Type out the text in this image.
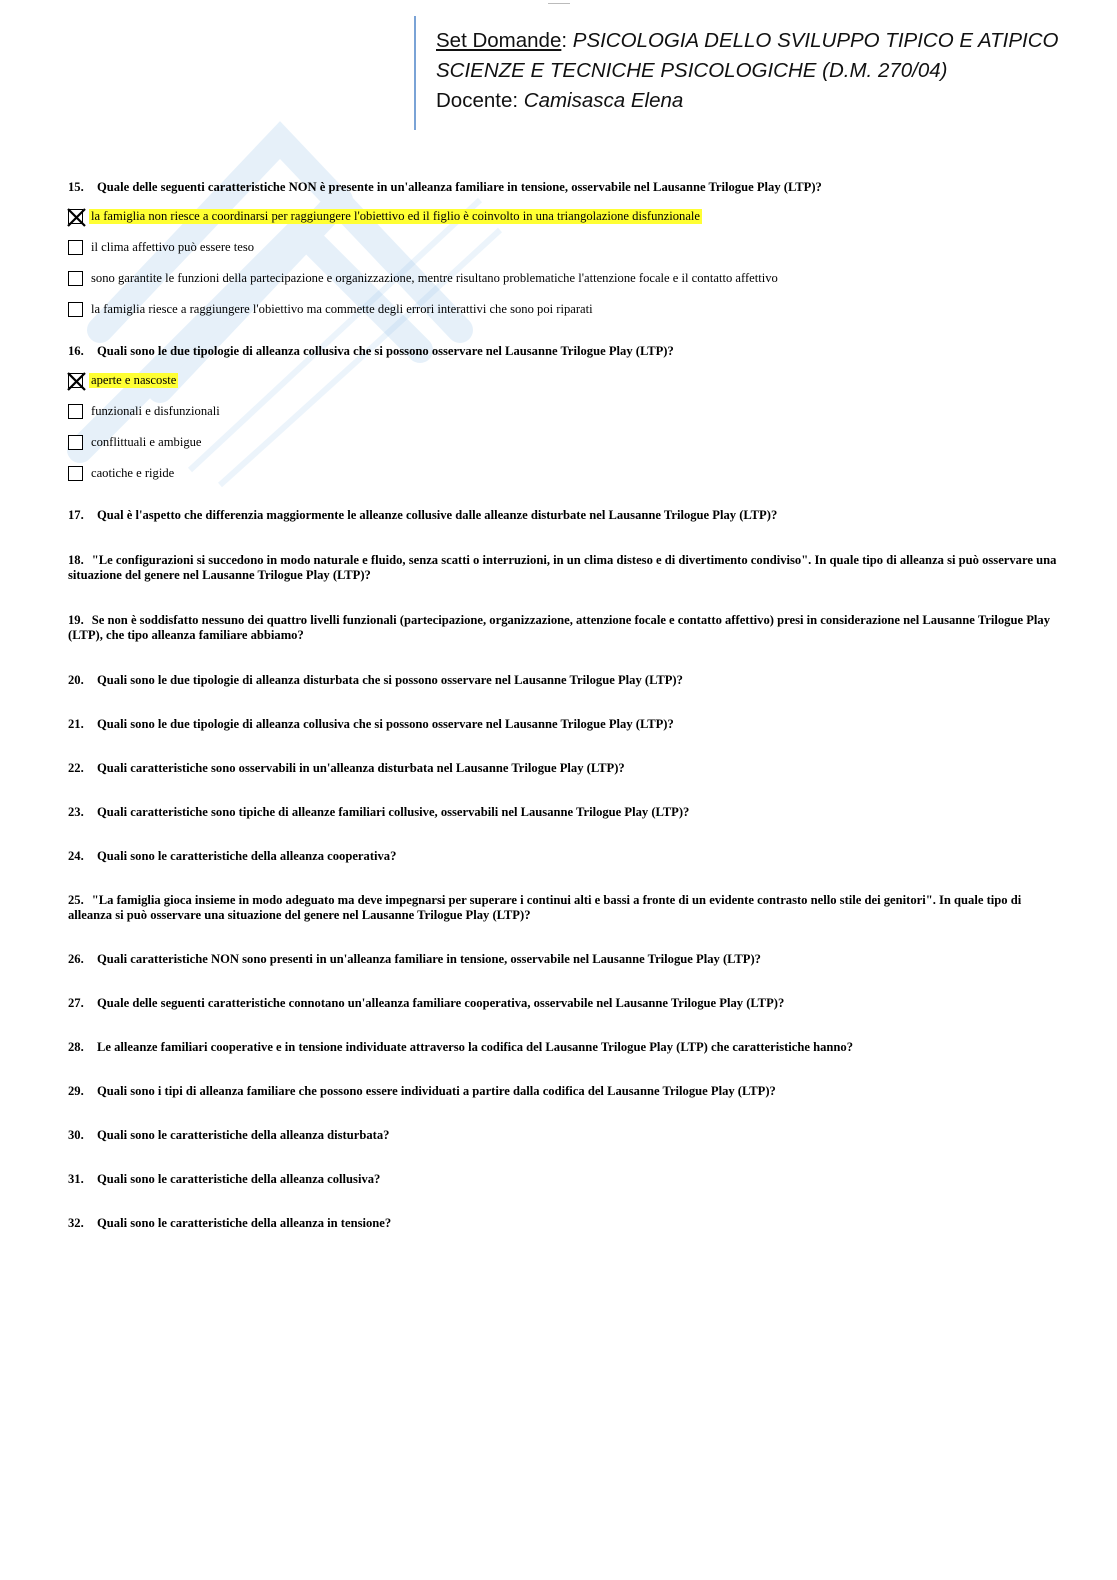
Set Domande: PSICOLOGIA DELLO SVILUPPO TIPICO E ATIPICO
SCIENZE E TECNICHE PSICOLOGICHE (D.M. 270/04)
Docente: Camisasca Elena
15.	Quale delle seguenti caratteristiche NON è presente in un'alleanza familiare in tensione, osservabile nel Lausanne Trilogue Play (LTP)?
la famiglia non riesce a coordinarsi per raggiungere l'obiettivo ed il figlio è coinvolto in una triangolazione disfunzionale
il clima affettivo può essere teso
sono garantite le funzioni della partecipazione e organizzazione, mentre risultano problematiche l'attenzione focale e il contatto affettivo
la famiglia riesce a raggiungere l'obiettivo ma commette degli errori interattivi che sono poi riparati
16.	Quali sono le due tipologie di alleanza collusiva che si possono osservare nel Lausanne Trilogue Play (LTP)?
aperte e nascoste
funzionali e disfunzionali
conflittuali e ambigue
caotiche e rigide
17.	Qual è l'aspetto che differenzia maggiormente le alleanze collusive dalle alleanze disturbate nel Lausanne Trilogue Play (LTP)?
18. "Le configurazioni si succedono in modo naturale e fluido, senza scatti o interruzioni, in un clima disteso e di divertimento condiviso". In quale tipo di alleanza si può osservare una situazione del genere nel Lausanne Trilogue Play (LTP)?
19. Se non è soddisfatto nessuno dei quattro livelli funzionali (partecipazione, organizzazione, attenzione focale e contatto affettivo) presi in considerazione nel Lausanne Trilogue Play (LTP), che tipo alleanza familiare abbiamo?
20.	Quali sono le due tipologie di alleanza disturbata che si possono osservare nel Lausanne Trilogue Play (LTP)?
21.	Quali sono le due tipologie di alleanza collusiva che si possono osservare nel Lausanne Trilogue Play (LTP)?
22.	Quali caratteristiche sono osservabili in un'alleanza disturbata nel Lausanne Trilogue Play (LTP)?
23.	Quali caratteristiche sono tipiche di alleanze familiari collusive, osservabili nel Lausanne Trilogue Play (LTP)?
24.	Quali sono le caratteristiche della alleanza cooperativa?
25. "La famiglia gioca insieme in modo adeguato ma deve impegnarsi per superare i continui alti e bassi a fronte di un evidente contrasto nello stile dei genitori". In quale tipo di alleanza si può osservare una situazione del genere nel Lausanne Trilogue Play (LTP)?
26.	Quali caratteristiche NON sono presenti in un'alleanza familiare in tensione, osservabile nel Lausanne Trilogue Play (LTP)?
27.	Quale delle seguenti caratteristiche connotano un'alleanza familiare cooperativa, osservabile nel Lausanne Trilogue Play (LTP)?
28.	Le alleanze familiari cooperative e in tensione individuate attraverso la codifica del Lausanne Trilogue Play (LTP) che caratteristiche hanno?
29.	Quali sono i tipi di alleanza familiare che possono essere individuati a partire dalla codifica del Lausanne Trilogue Play (LTP)?
30.	Quali sono le caratteristiche della alleanza disturbata?
31.	Quali sono le caratteristiche della alleanza collusiva?
32.	Quali sono le caratteristiche della alleanza in tensione?
